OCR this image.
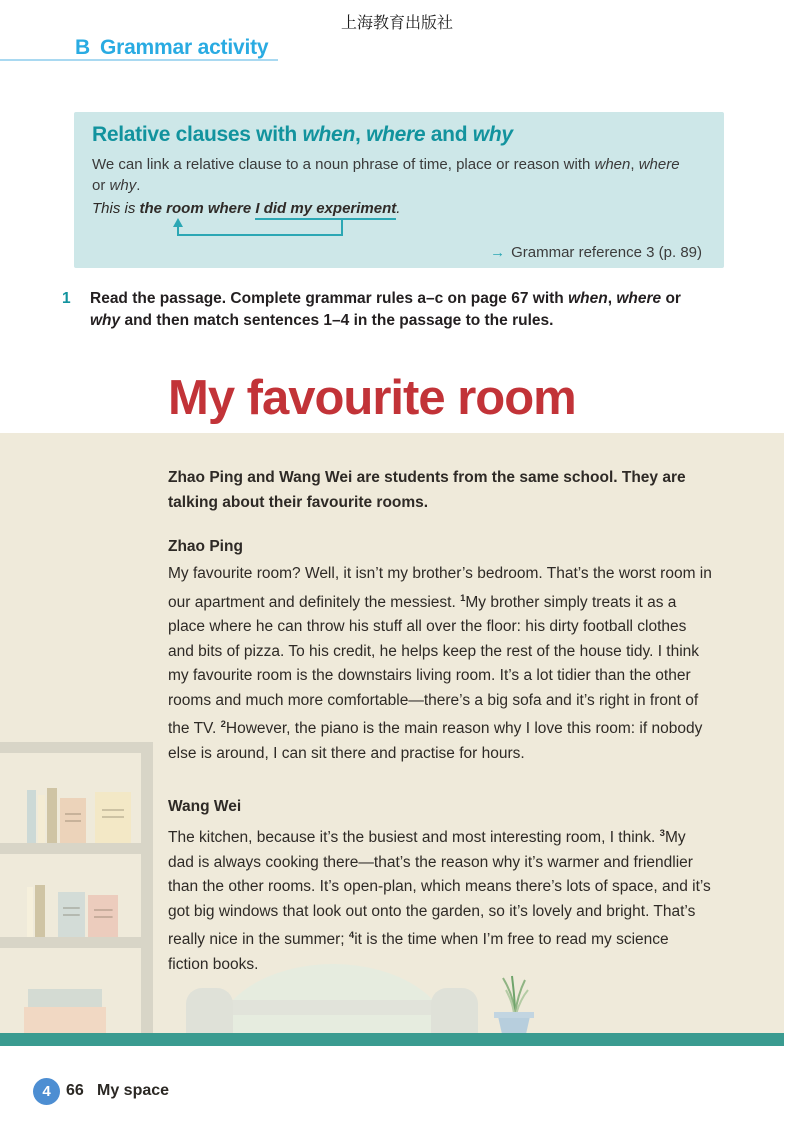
上海教育出版社
B Grammar activity
Relative clauses with when, where and why
We can link a relative clause to a noun phrase of time, place or reason with when, where or why.
This is the room where I did my experiment.
→ Grammar reference 3 (p. 89)
1 Read the passage. Complete grammar rules a–c on page 67 with when, where or why and then match sentences 1–4 in the passage to the rules.
My favourite room
Zhao Ping and Wang Wei are students from the same school. They are talking about their favourite rooms.
Zhao Ping
My favourite room? Well, it isn’t my brother’s bedroom. That’s the worst room in our apartment and definitely the messiest. $^1$My brother simply treats it as a place where he can throw his stuff all over the floor: his dirty football clothes and bits of pizza. To his credit, he helps keep the rest of the house tidy. I think my favourite room is the downstairs living room. It’s a lot tidier than the other rooms and much more comfortable—there’s a big sofa and it’s right in front of the TV. $^2$However, the piano is the main reason why I love this room: if nobody else is around, I can sit there and practise for hours.
Wang Wei
The kitchen, because it’s the busiest and most interesting room, I think. $^3$My dad is always cooking there—that’s the reason why it’s warmer and friendlier than the other rooms. It’s open-plan, which means there’s lots of space, and it’s got big windows that look out onto the garden, so it’s lovely and bright. That’s really nice in the summer; $^4$it is the time when I’m free to read my science fiction books.
4 66 My space
